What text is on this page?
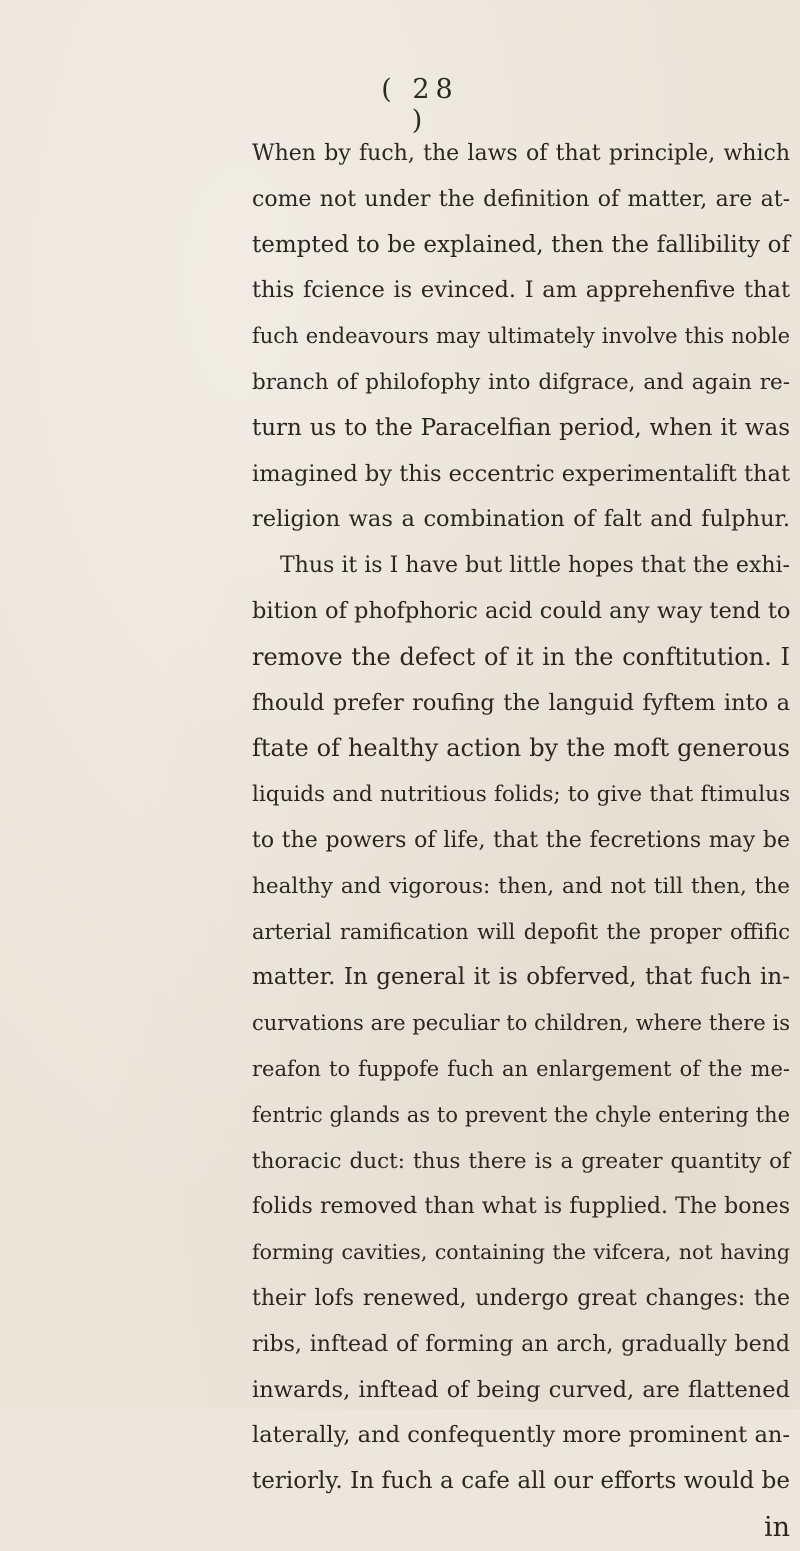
( 28 )
When by fuch, the laws of that principle, which
come not under the definition of matter, are at-
tempted to be explained, then the fallibility of
this fcience is evinced. I am apprehenfive that
fuch endeavours may ultimately involve this noble
branch of philofophy into difgrace, and again re-
turn us to the Paracelfian period, when it was
imagined by this eccentric experimentalift that
religion was a combination of falt and fulphur.
Thus it is I have but little hopes that the exhi-
bition of phofphoric acid could any way tend to
remove the defect of it in the conftitution. I
fhould prefer roufing the languid fyftem into a
ftate of healthy action by the moft generous
liquids and nutritious folids; to give that ftimulus
to the powers of life, that the fecretions may be
healthy and vigorous: then, and not till then, the
arterial ramification will depofit the proper offific
matter. In general it is obferved, that fuch in-
curvations are peculiar to children, where there is
reafon to fuppofe fuch an enlargement of the me-
fentric glands as to prevent the chyle entering the
thoracic duct: thus there is a greater quantity of
folids removed than what is fupplied. The bones
forming cavities, containing the vifcera, not having
their lofs renewed, undergo great changes: the
ribs, inftead of forming an arch, gradually bend
inwards, inftead of being curved, are flattened
laterally, and confequently more prominent an-
teriorly. In fuch a cafe all our efforts would be
in
